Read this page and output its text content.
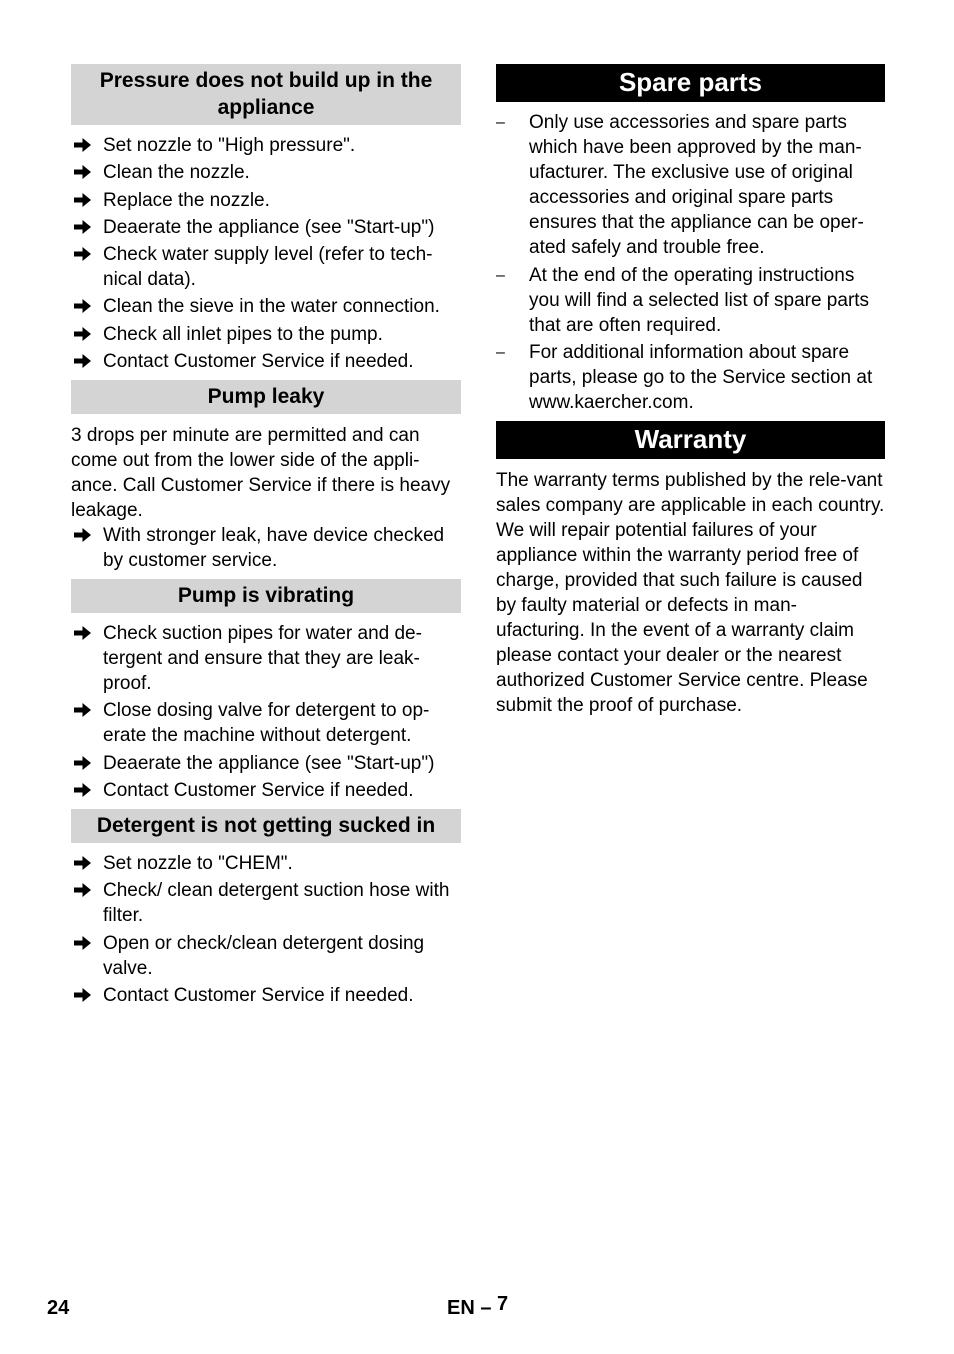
Pressure does not build up in the appliance
Set nozzle to "High pressure".
Clean the nozzle.
Replace the nozzle.
Deaerate the appliance (see "Start-up")
Check water supply level (refer to tech-nical data).
Clean the sieve in the water connection.
Check all inlet pipes to the pump.
Contact Customer Service if needed.
Pump leaky

3 drops per minute are permitted and can come out from the lower side of the appli-ance. Call Customer Service if there is heavy leakage.

With stronger leak, have device checked by customer service.
Pump is vibrating
Check suction pipes for water and de-tergent and ensure that they are leak-proof.
Close dosing valve for detergent to op-erate the machine without detergent.
Deaerate the appliance (see "Start-up")
Contact Customer Service if needed.
Detergent is not getting sucked in
Set nozzle to "CHEM".
Check/ clean detergent suction hose with filter.
Open or check/clean detergent dosing valve.
Contact Customer Service if needed.
Spare parts
– Only use accessories and spare parts which have been approved by the man-ufacturer. The exclusive use of original accessories and original spare parts ensures that the appliance can be oper-ated safely and trouble free.
– At the end of the operating instructions you will find a selected list of spare parts that are often required.
– For additional information about spare parts, please go to the Service section at www.kaercher.com.
Warranty

The warranty terms published by the rele-vant sales company are applicable in each country. We will repair potential failures of your appliance within the warranty period free of charge, provided that such failure is caused by faulty material or defects in man-ufacturing. In the event of a warranty claim please contact your dealer or the nearest authorized Customer Service centre. Please submit the proof of purchase.

24	EN – 7
